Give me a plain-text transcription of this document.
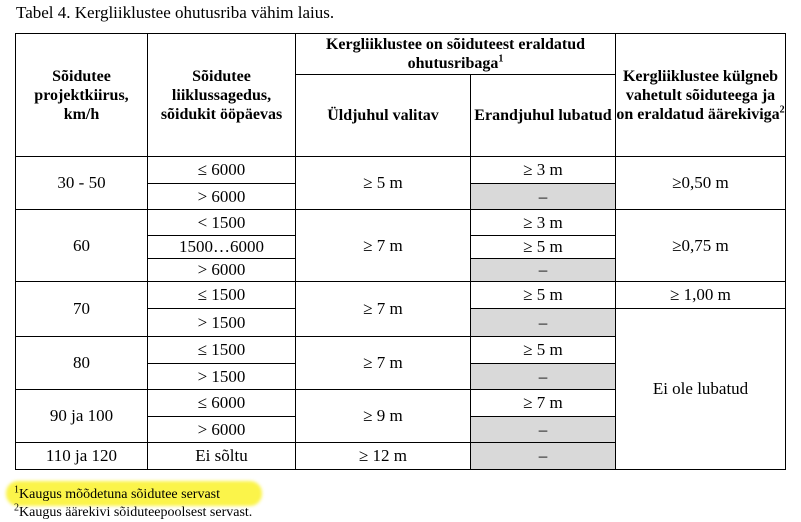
Tabel 4. Kergliiklustee ohutusriba vähim laius.
Sõidutee projektkiirus, km/h	Sõidutee liiklussagedus, sõidukit ööpäevas	Kergliiklustee on sõiduteest eraldatud ohutusribaga$^1$		Kergliiklustee külgneb vahetult sõiduteega ja on eraldatud äärekiviga$^2$
		Üldjuhul valitav	Erandjuhul lubatud	
30 - 50	≤ 6000	≥ 5 m	≥ 3 m	≥0,50 m
	> 6000		–	
60	< 1500	≥ 7 m	≥ 3 m	≥0,75 m
	1500…6000		≥ 5 m	
	> 6000		–	
70	≤ 1500	≥ 7 m	≥ 5 m	≥ 1,00 m
	> 1500		–	Ei ole lubatud
80	≤ 1500	≥ 7 m	≥ 5 m	
	> 1500		–	
90 ja 100	≤ 6000	≥ 9 m	≥ 7 m	
	> 6000		–	
110 ja 120	Ei sõltu	≥ 12 m	–	
$^1$Kaugus mõõdetuna sõidutee servast
$^2$Kaugus äärekivi sõiduteepoolsest servast.
